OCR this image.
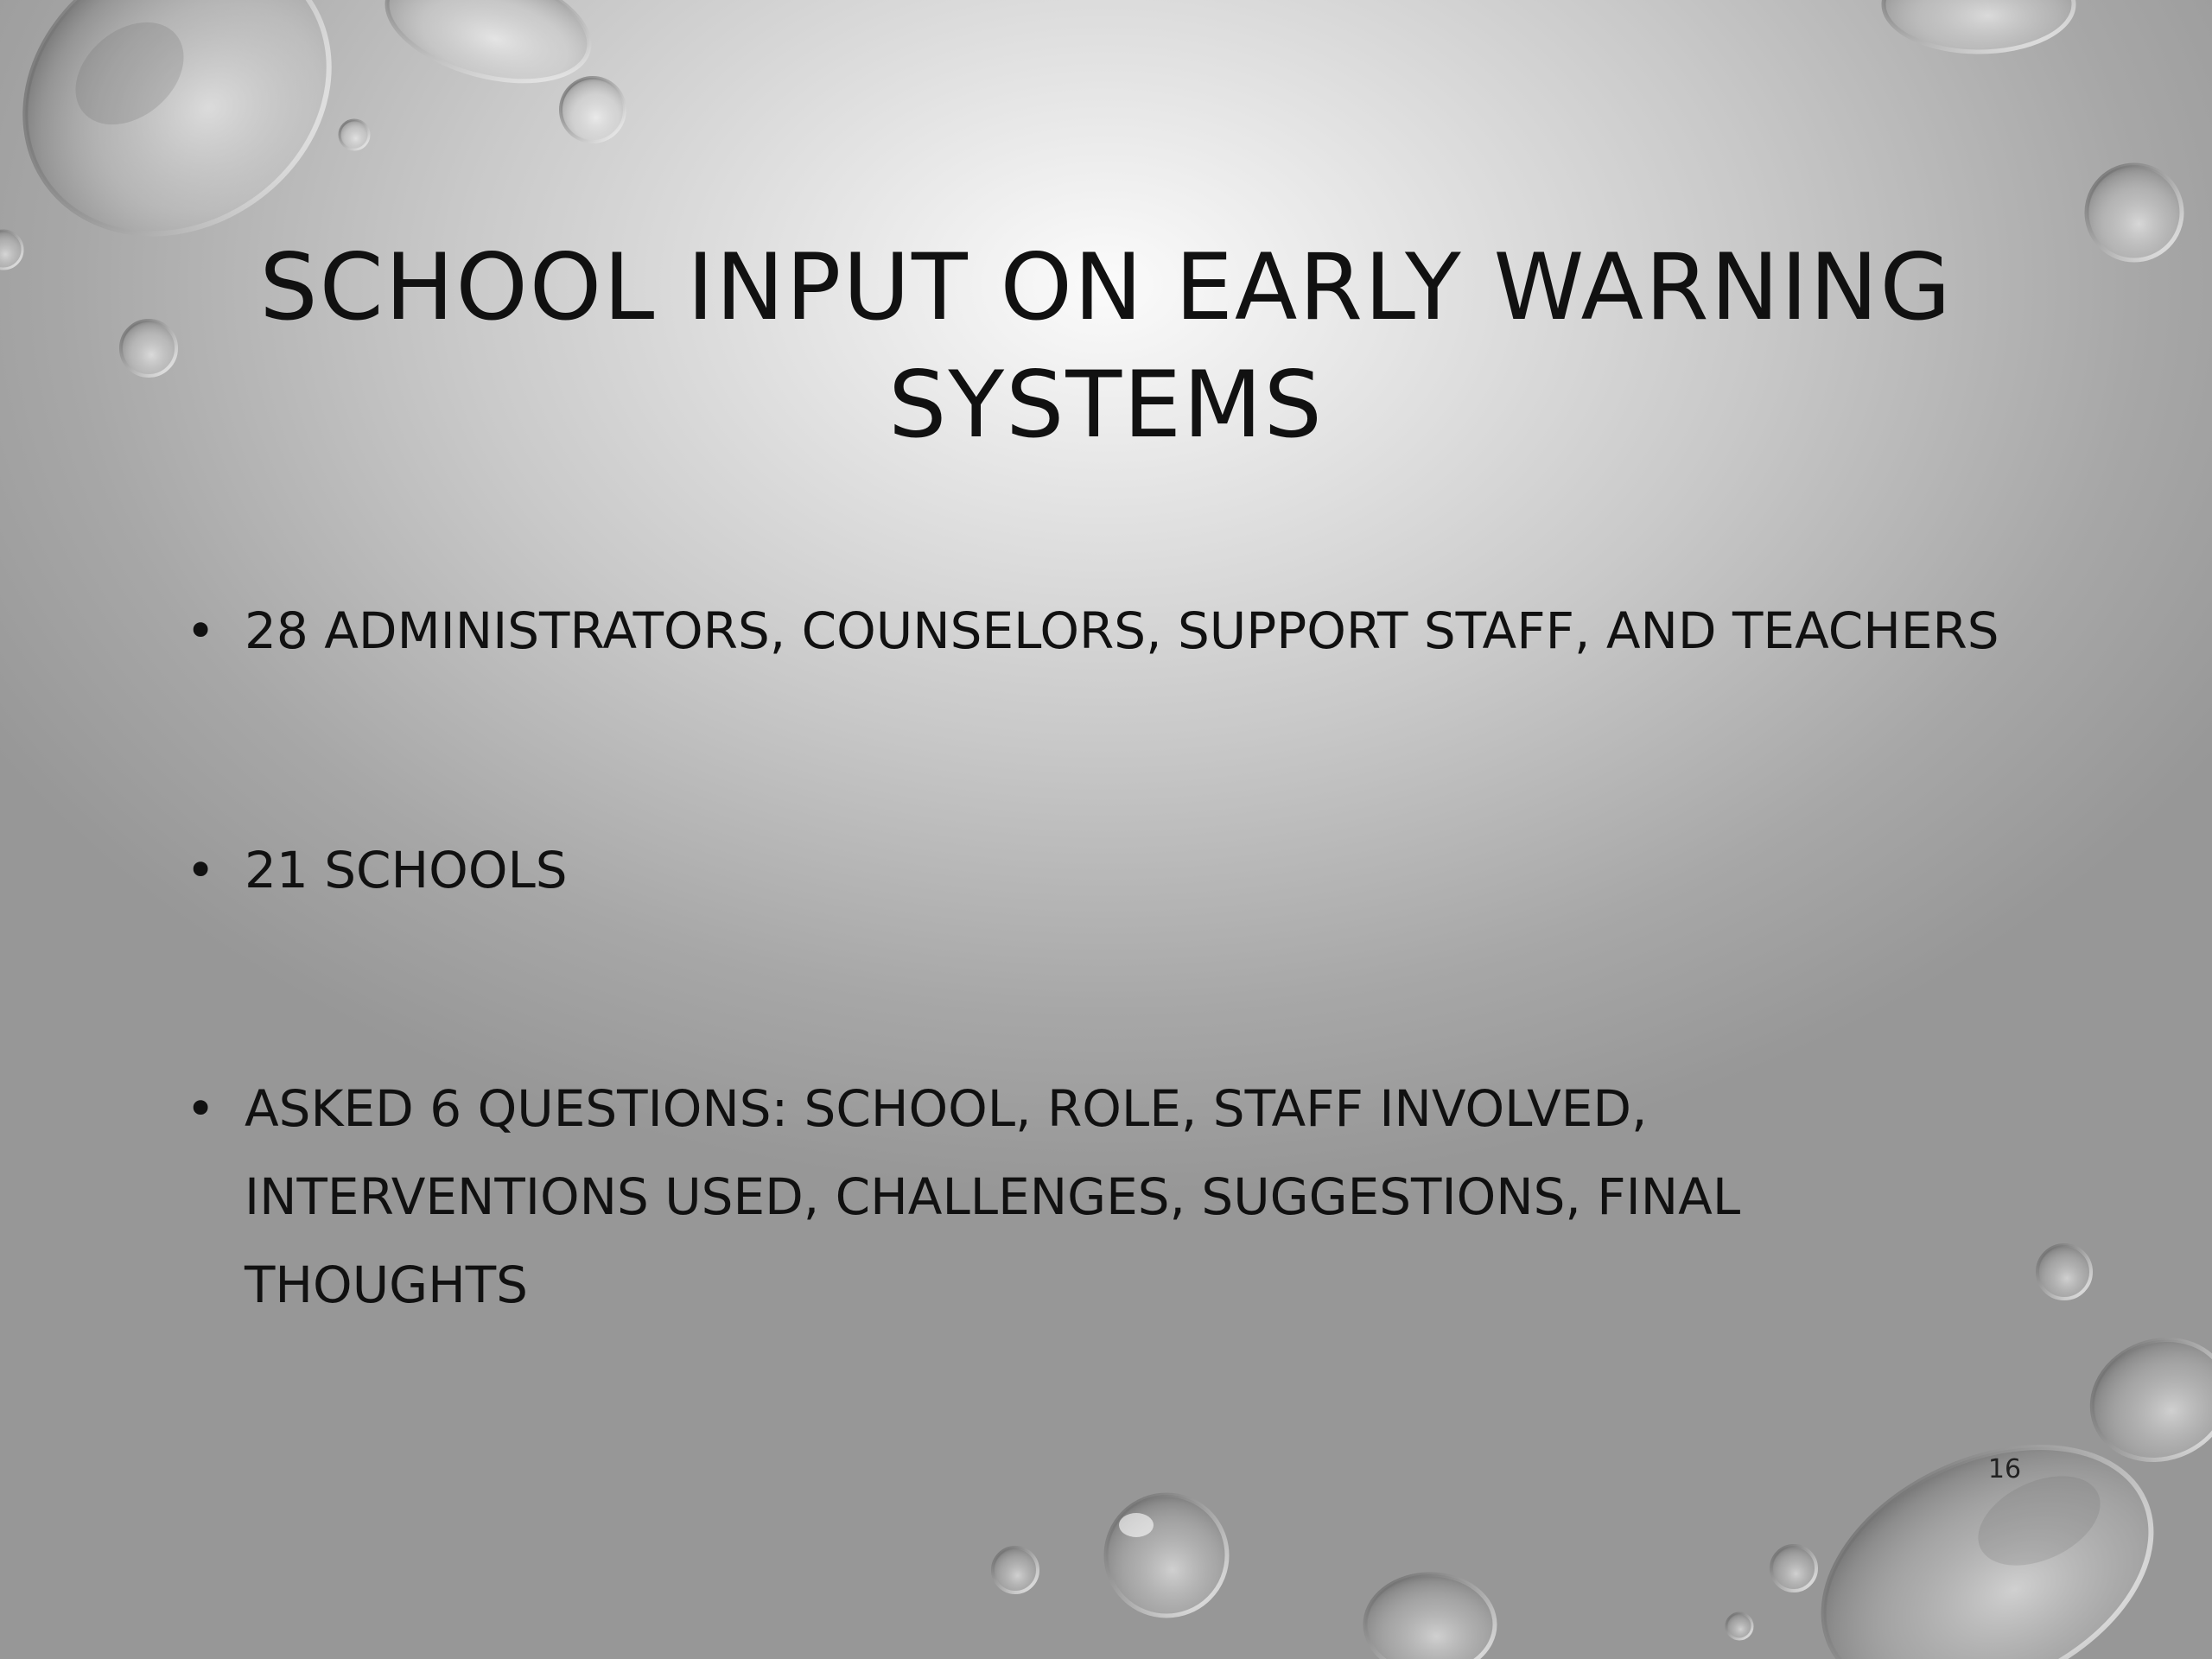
SCHOOL INPUT ON EARLY WARNING SYSTEMS
• 28 ADMINISTRATORS, COUNSELORS, SUPPORT STAFF, AND TEACHERS
• 21 SCHOOLS
• ASKED 6 QUESTIONS: SCHOOL, ROLE, STAFF INVOLVED, INTERVENTIONS USED, CHALLENGES, SUGGESTIONS, FINAL THOUGHTS
16
